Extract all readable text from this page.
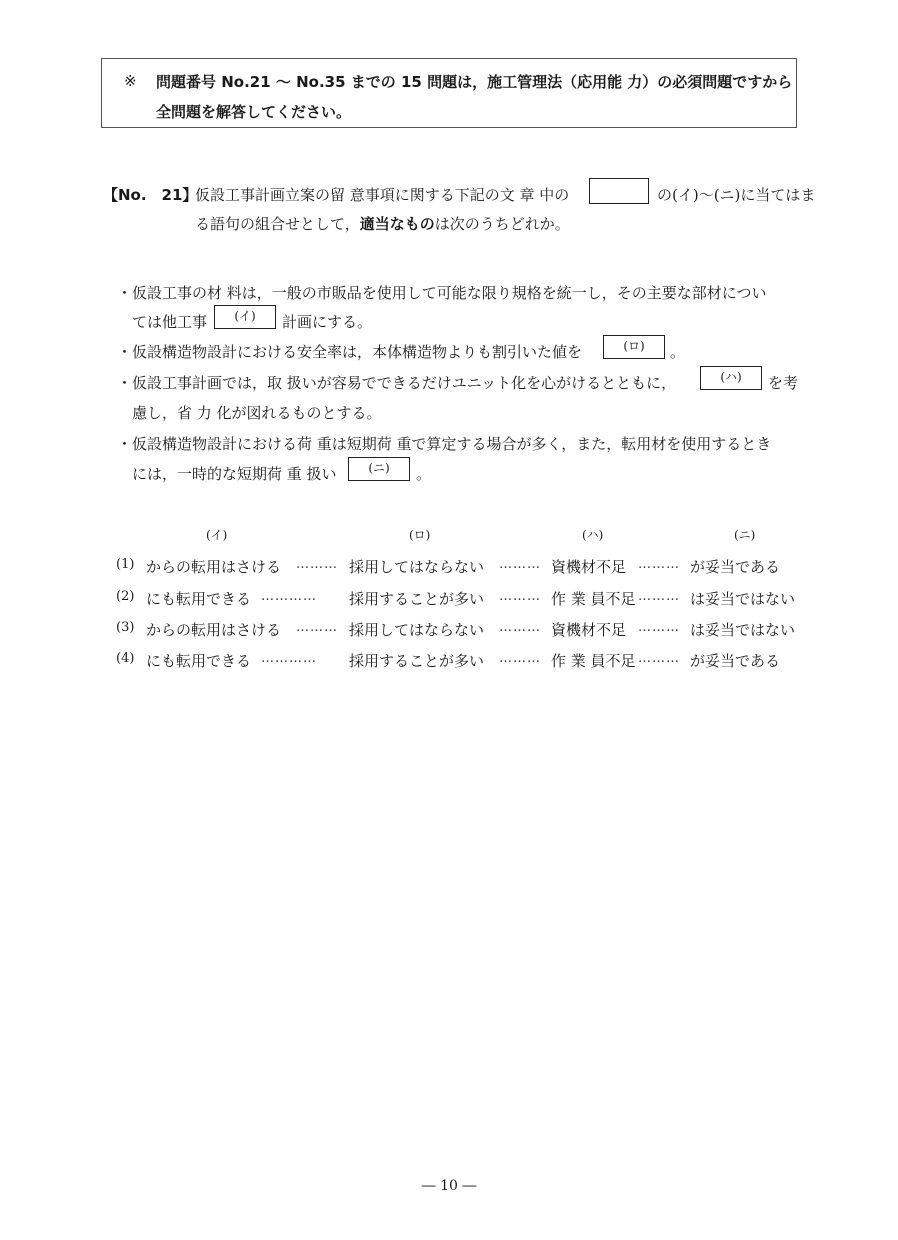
※ 問題番号 No.21 ～ No.35 までの 15 問題は，施工管理法（応用能 力）の必須問題ですから
全問題を解答してください。
【No.　21】
仮設工事計画立案の留 意事項に関する下記の文 章 中の	の(イ)～(ニ)に当てはま
る語句の組合せとして，適当なものは次のうちどれか。
・仮設工事の材 料は，一般の市販品を使用して可能な限り規格を統一し，その主要な部材につい
ては他工事	(イ)	計画にする。
・仮設構造物設計における安全率は，本体構造物よりも割引いた値を	(ロ)	。
・仮設工事計画では，取 扱いが容易でできるだけユニット化を心がけるとともに，	(ハ)	を考
慮し，省 力 化が図れるものとする。
・仮設構造物設計における荷 重は短期荷 重で算定する場合が多く，また，転用材を使用するとき
には，一時的な短期荷 重 扱い	(ニ)	。
(イ)	(ロ)	(ハ)	(ニ)
(1) からの転用はさける ……… 採用してはならない ……… 資機材不足 ……… が妥当である
(2) にも転用できる ………… 採用することが多い ……… 作 業 員不足 ……… は妥当ではない
(3) からの転用はさける ……… 採用してはならない ……… 資機材不足 ……… は妥当ではない
(4) にも転用できる ………… 採用することが多い ……… 作 業 員不足 ……… が妥当である
― 10 ―
